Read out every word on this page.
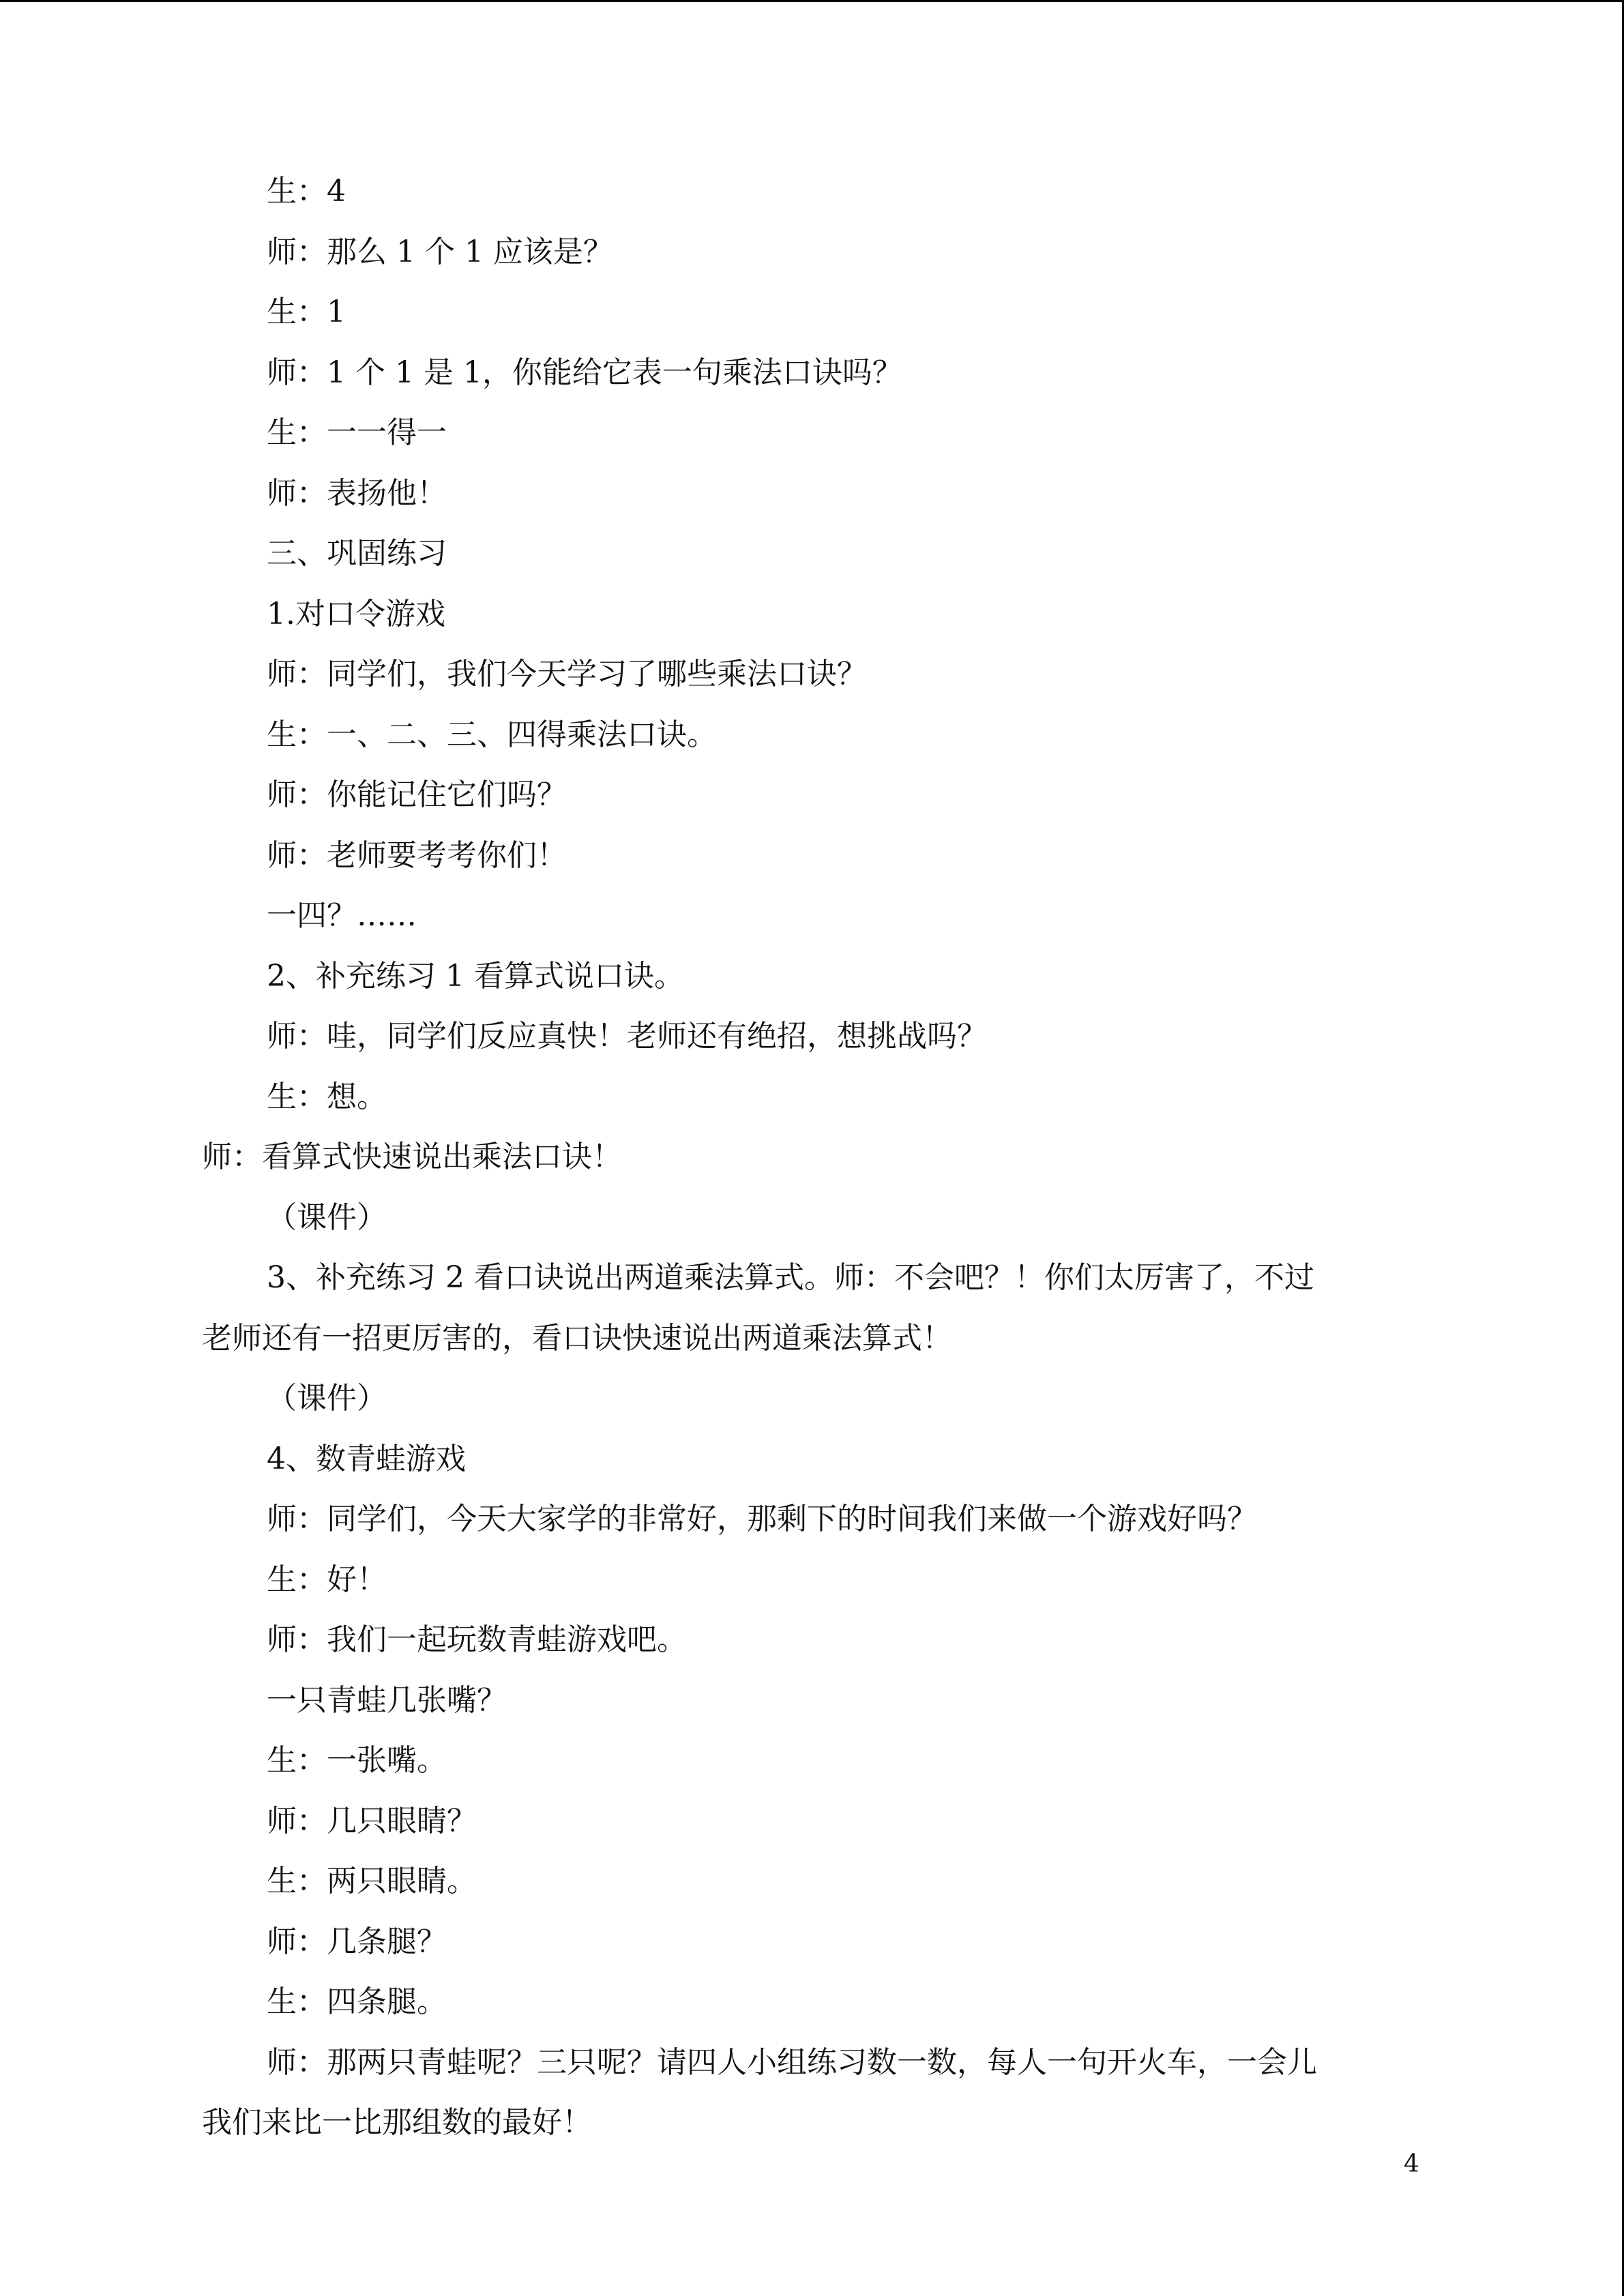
生：4

师：那么 1 个 1 应该是？

生：1

师：1 个 1 是 1，你能给它表一句乘法口诀吗？

生：一一得一

师：表扬他！

三、巩固练习

1.对口令游戏

师：同学们，我们今天学习了哪些乘法口诀？

生：一、二、三、四得乘法口诀。

师：你能记住它们吗？

师：老师要考考你们！

一四？……

2、补充练习 1 看算式说口诀。

师：哇，同学们反应真快！老师还有绝招，想挑战吗？

生：想。

师：看算式快速说出乘法口诀！

（课件）

3、补充练习 2 看口诀说出两道乘法算式。师：不会吧？！你们太厉害了，不过

老师还有一招更厉害的，看口诀快速说出两道乘法算式！

（课件）

4、数青蛙游戏

师：同学们，今天大家学的非常好，那剩下的时间我们来做一个游戏好吗？

生：好！

师：我们一起玩数青蛙游戏吧。

一只青蛙几张嘴？

生：一张嘴。

师：几只眼睛？

生：两只眼睛。

师：几条腿？

生：四条腿。

师：那两只青蛙呢？三只呢？请四人小组练习数一数，每人一句开火车，一会儿

我们来比一比那组数的最好！

4
